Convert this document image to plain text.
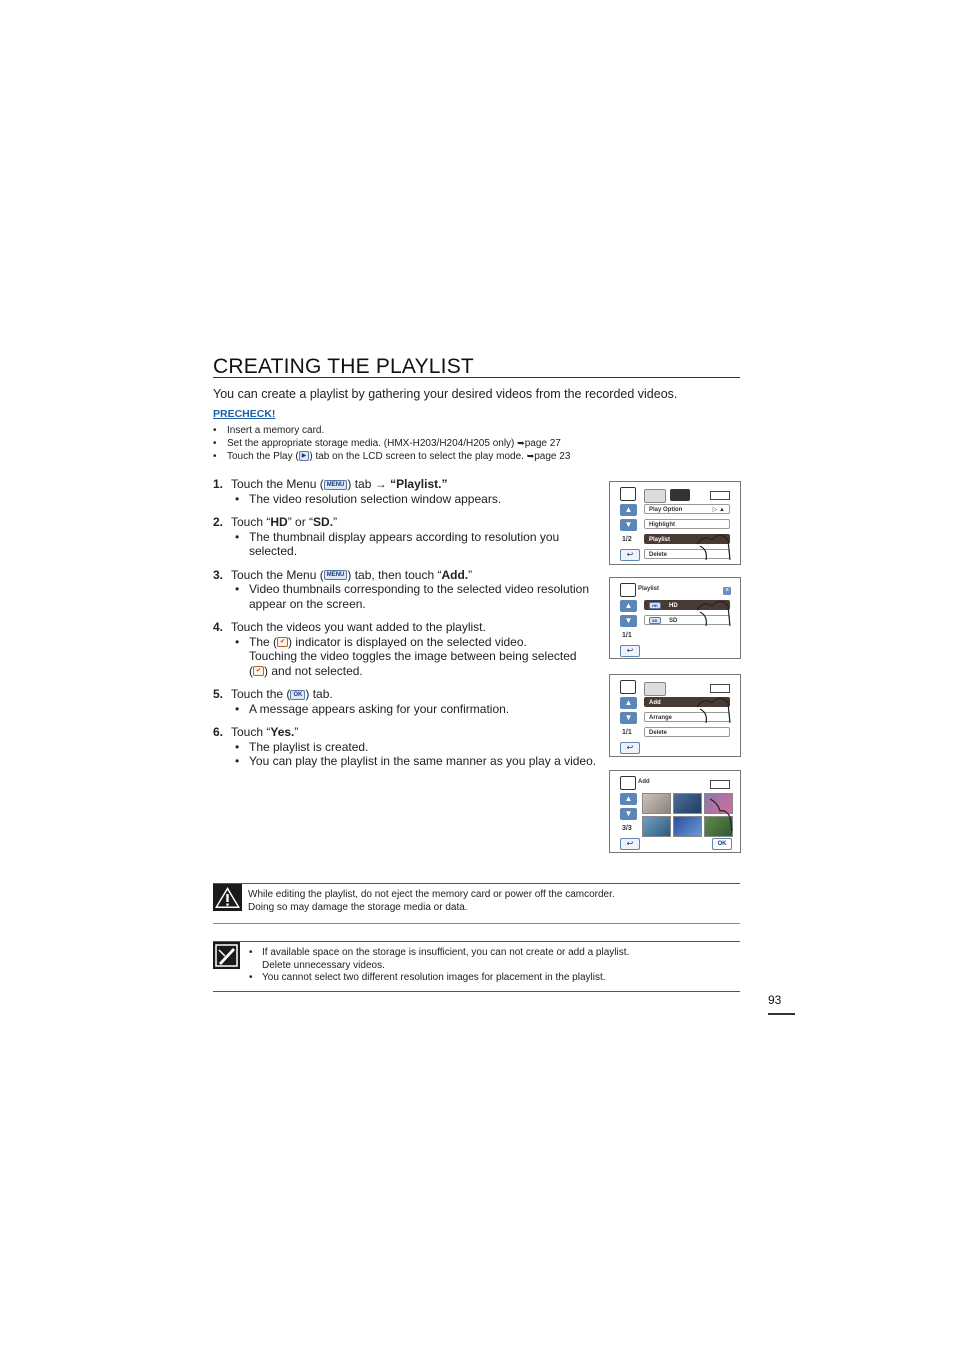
CREATING THE PLAYLIST
You can create a playlist by gathering your desired videos from the recorded videos.
PRECHECK!
• Insert a memory card.
• Set the appropriate storage media. (HMX-H203/H204/H205 only) ➥page 27
• Touch the Play ( ▶ ) tab on the LCD screen to select the play mode. ➥page 23
1. Touch the Menu ( MENU ) tab → “Playlist.”
• The video resolution selection window appears.
2. Touch “HD” or “SD.”
• The thumbnail display appears according to resolution you selected.
3. Touch the Menu ( MENU ) tab, then touch “Add.”
• Video thumbnails corresponding to the selected video resolution appear on the screen.
4. Touch the videos you want added to the playlist.
• The ( ✔ ) indicator is displayed on the selected video.
Touching the video toggles the image between being selected
( ✔ ) and not selected.
5. Touch the ( OK ) tab.
• A message appears asking for your confirmation.
6. Touch “Yes.”
• The playlist is created.
• You can play the playlist in the same manner as you play a video.
▲
▼
1/2
↩
Play Option	▷ ▲
Highlight
Playlist
Delete
Playlist	×
▲
▼
1/1
↩
HD	HD
SD	SD
▲
▼
1/1
↩
Add
Arrange
Delete
Add
▲
▼
3/3
↩	OK
While editing the playlist, do not eject the memory card or power off the camcorder.
Doing so may damage the storage media or data.
• If available space on the storage is insufficient, you can not create or add a playlist.
Delete unnecessary videos.
• You cannot select two different resolution images for placement in the playlist.
93
